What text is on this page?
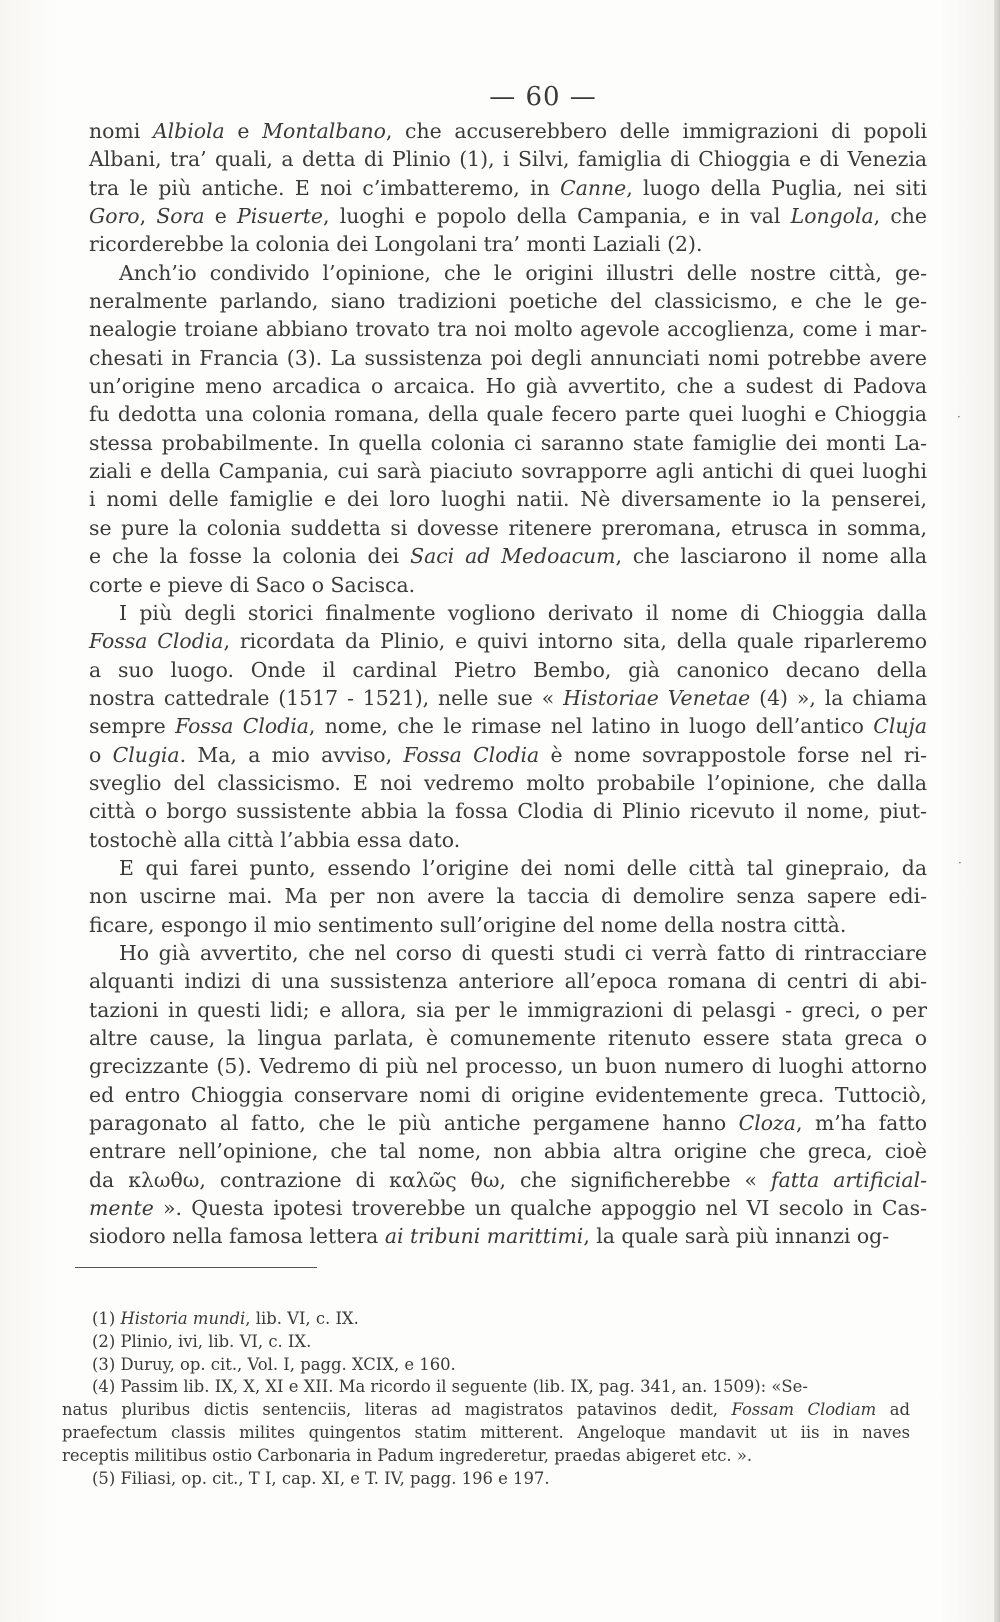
— 60 —

nomi Albiola e Montalbano, che accuserebbero delle immigrazioni di popoli

Albani, tra’ quali, a detta di Plinio (1), i Silvi, famiglia di Chioggia e di Venezia

tra le più antiche. E noi c’imbatteremo, in Canne, luogo della Puglia, nei siti

Goro, Sora e Pisuerte, luoghi e popolo della Campania, e in val Longola, che

ricorderebbe la colonia dei Longolani tra’ monti Laziali (2).

Anch’io condivido l’opinione, che le origini illustri delle nostre città, ge-

neralmente parlando, siano tradizioni poetiche del classicismo, e che le ge-

nealogie troiane abbiano trovato tra noi molto agevole accoglienza, come i mar-

chesati in Francia (3). La sussistenza poi degli annunciati nomi potrebbe avere

un’origine meno arcadica o arcaica. Ho già avvertito, che a sudest di Padova

fu dedotta una colonia romana, della quale fecero parte quei luoghi e Chioggia

stessa probabilmente. In quella colonia ci saranno state famiglie dei monti La-

ziali e della Campania, cui sarà piaciuto sovrapporre agli antichi di quei luoghi

i nomi delle famiglie e dei loro luoghi natii. Nè diversamente io la penserei,

se pure la colonia suddetta si dovesse ritenere preromana, etrusca in somma,

e che la fosse la colonia dei Saci ad Medoacum, che lasciarono il nome alla

corte e pieve di Saco o Sacisca.

I più degli storici finalmente vogliono derivato il nome di Chioggia dalla

Fossa Clodia, ricordata da Plinio, e quivi intorno sita, della quale riparleremo

a suo luogo. Onde il cardinal Pietro Bembo, già canonico decano della

nostra cattedrale (1517 - 1521), nelle sue « Historiae Venetae (4) », la chiama

sempre Fossa Clodia, nome, che le rimase nel latino in luogo dell’antico Cluja

o Clugia. Ma, a mio avviso, Fossa Clodia è nome sovrappostole forse nel ri-

sveglio del classicismo. E noi vedremo molto probabile l’opinione, che dalla

città o borgo sussistente abbia la fossa Clodia di Plinio ricevuto il nome, piut-

tostochè alla città l’abbia essa dato.

E qui farei punto, essendo l’origine dei nomi delle città tal ginepraio, da

non uscirne mai. Ma per non avere la taccia di demolire senza sapere edi-

ficare, espongo il mio sentimento sull’origine del nome della nostra città.

Ho già avvertito, che nel corso di questi studi ci verrà fatto di rintracciare

alquanti indizi di una sussistenza anteriore all’epoca romana di centri di abi-

tazioni in questi lidi; e allora, sia per le immigrazioni di pelasgi - greci, o per

altre cause, la lingua parlata, è comunemente ritenuto essere stata greca o

grecizzante (5). Vedremo di più nel processo, un buon numero di luoghi attorno

ed entro Chioggia conservare nomi di origine evidentemente greca. Tuttociò,

paragonato al fatto, che le più antiche pergamene hanno Cloza, m’ha fatto

entrare nell’opinione, che tal nome, non abbia altra origine che greca, cioè

da κλωθω, contrazione di καλῶς θω, che significherebbe « fatta artificial-

mente ». Questa ipotesi troverebbe un qualche appoggio nel VI secolo in Cas-

siodoro nella famosa lettera ai tribuni marittimi, la quale sarà più innanzi og-

(1) Historia mundi, lib. VI, c. IX.

(2) Plinio, ivi, lib. VI, c. IX.

(3) Duruy, op. cit., Vol. I, pagg. XCIX, e 160.

(4) Passim lib. IX, X, XI e XII. Ma ricordo il seguente (lib. IX, pag. 341, an. 1509): «Se-

natus pluribus dictis sentenciis, literas ad magistratos patavinos dedit, Fossam Clodiam ad

praefectum classis milites quingentos statim mitterent. Angeloque mandavit ut iis in naves

receptis militibus ostio Carbonaria in Padum ingrederetur, praedas abigeret etc. ».

(5) Filiasi, op. cit., T I, cap. XI, e T. IV, pagg. 196 e 197.

·
·
